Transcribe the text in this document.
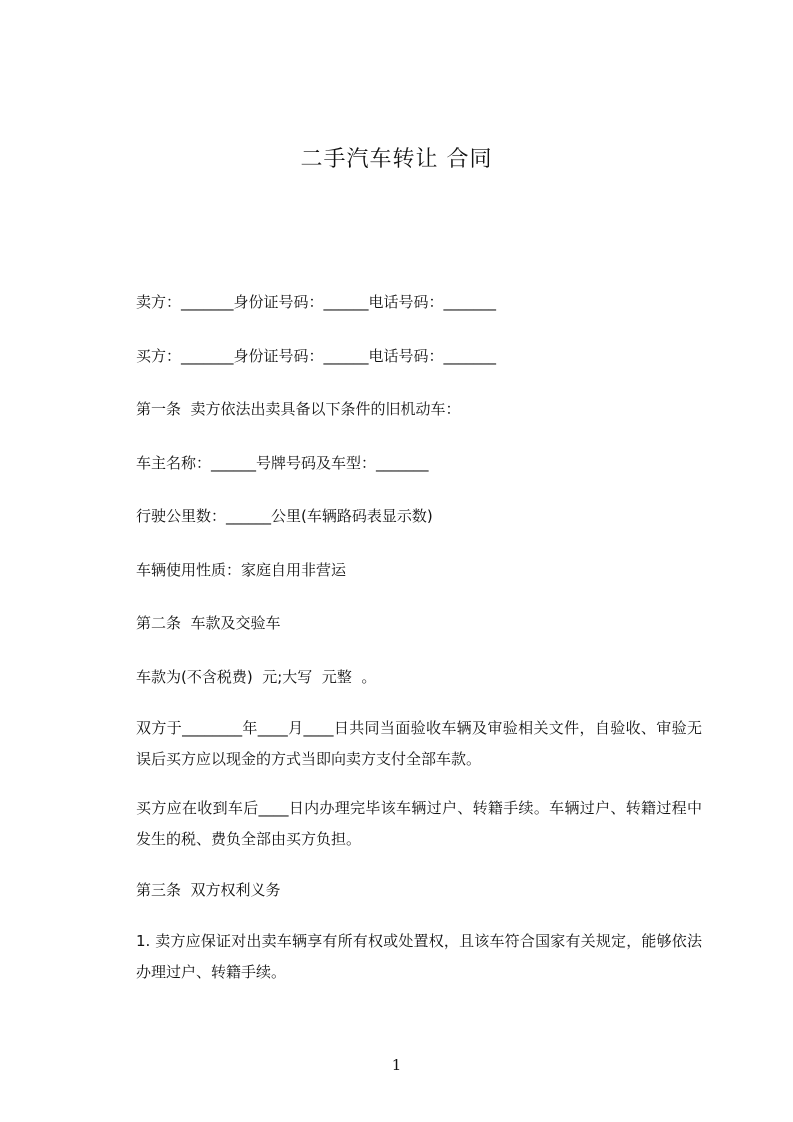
二手汽车转让 合同
卖方：_______身份证号码：______电话号码：_______
买方：_______身份证号码：______电话号码：_______
第一条  卖方依法出卖具备以下条件的旧机动车：
车主名称：______号牌号码及车型：_______
行驶公里数：______公里(车辆路码表显示数)
车辆使用性质：家庭自用非营运
第二条  车款及交验车
车款为(不含税费)  元;大写  元整  。
双方于________年____月____日共同当面验收车辆及审验相关文件，自验收、审验无误后买方应以现金的方式当即向卖方支付全部车款。
买方应在收到车后____日内办理完毕该车辆过户、转籍手续。车辆过户、转籍过程中发生的税、费负全部由买方负担。
第三条  双方权利义务
1. 卖方应保证对出卖车辆享有所有权或处置权，且该车符合国家有关规定，能够依法办理过户、转籍手续。
1
